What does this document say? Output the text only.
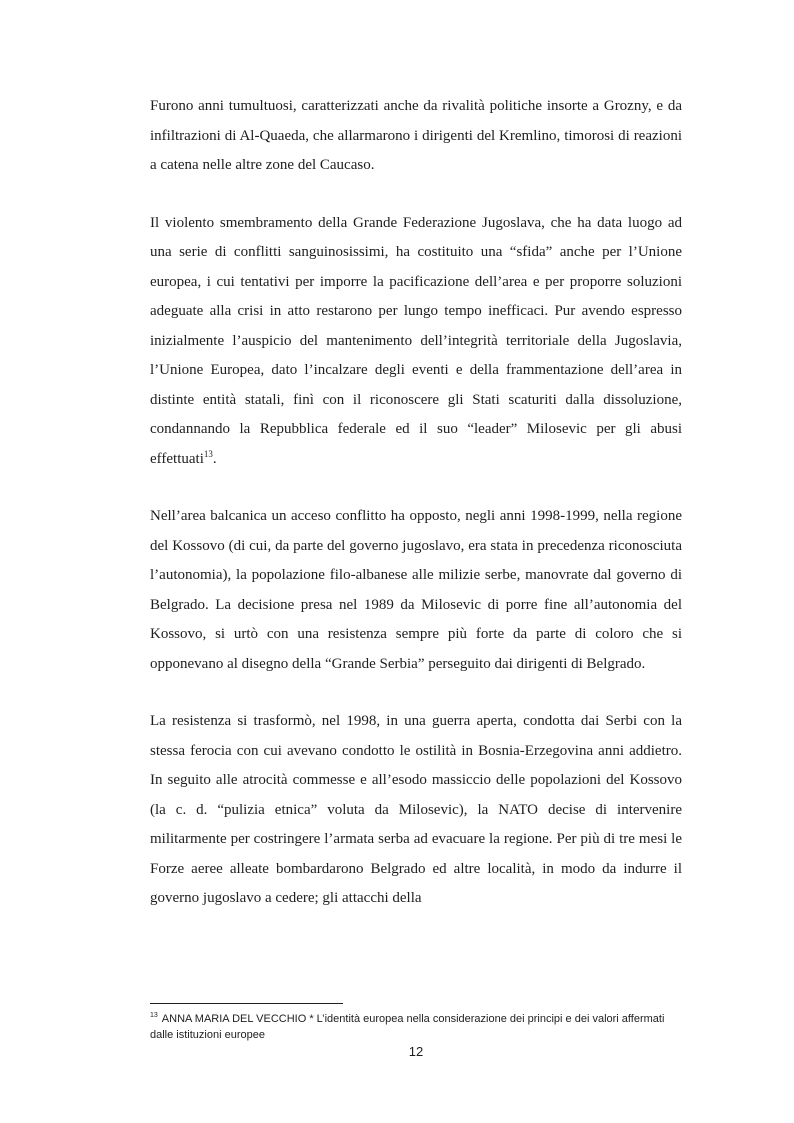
Furono anni tumultuosi, caratterizzati anche da rivalità politiche insorte a Grozny, e da infiltrazioni di Al-Quaeda, che allarmarono i dirigenti del Kremlino, timorosi di reazioni a catena nelle altre zone del Caucaso.

Il violento smembramento della Grande Federazione Jugoslava, che ha data luogo ad una serie di conflitti sanguinosissimi, ha costituito una “sfida” anche per l’Unione europea, i cui tentativi per imporre la pacificazione dell’area e per proporre soluzioni adeguate alla crisi in atto restarono per lungo tempo inefficaci. Pur avendo espresso inizialmente l’auspicio del mantenimento dell’integrità territoriale della Jugoslavia, l’Unione Europea, dato l’incalzare degli eventi e della frammentazione dell’area in distinte entità statali, finì con il riconoscere gli Stati scaturiti dalla dissoluzione, condannando la Repubblica federale ed il suo “leader” Milosevic per gli abusi effettuati$^{13}$.

Nell’area balcanica un acceso conflitto ha opposto, negli anni 1998-1999, nella regione del Kossovo (di cui, da parte del governo jugoslavo, era stata in precedenza riconosciuta l’autonomia), la popolazione filo-albanese alle milizie serbe, manovrate dal governo di Belgrado. La decisione presa nel 1989 da Milosevic di porre fine all’autonomia del Kossovo, si urtò con una resistenza sempre più forte da parte di coloro che si opponevano al disegno della “Grande Serbia” perseguito dai dirigenti di Belgrado.

La resistenza si trasformò, nel 1998, in una guerra aperta, condotta dai Serbi con la stessa ferocia con cui avevano condotto le ostilità in Bosnia-Erzegovina anni addietro. In seguito alle atrocità commesse e all’esodo massiccio delle popolazioni del Kossovo (la c. d. “pulizia etnica” voluta da Milosevic), la NATO decise di intervenire militarmente per costringere l’armata serba ad evacuare la regione. Per più di tre mesi le Forze aeree alleate bombardarono Belgrado ed altre località, in modo da indurre il governo jugoslavo a cedere; gli attacchi della

$^{13}$ ANNA MARIA DEL VECCHIO * L’identità europea nella considerazione dei principi e dei valori affermati dalle istituzioni europee
12
